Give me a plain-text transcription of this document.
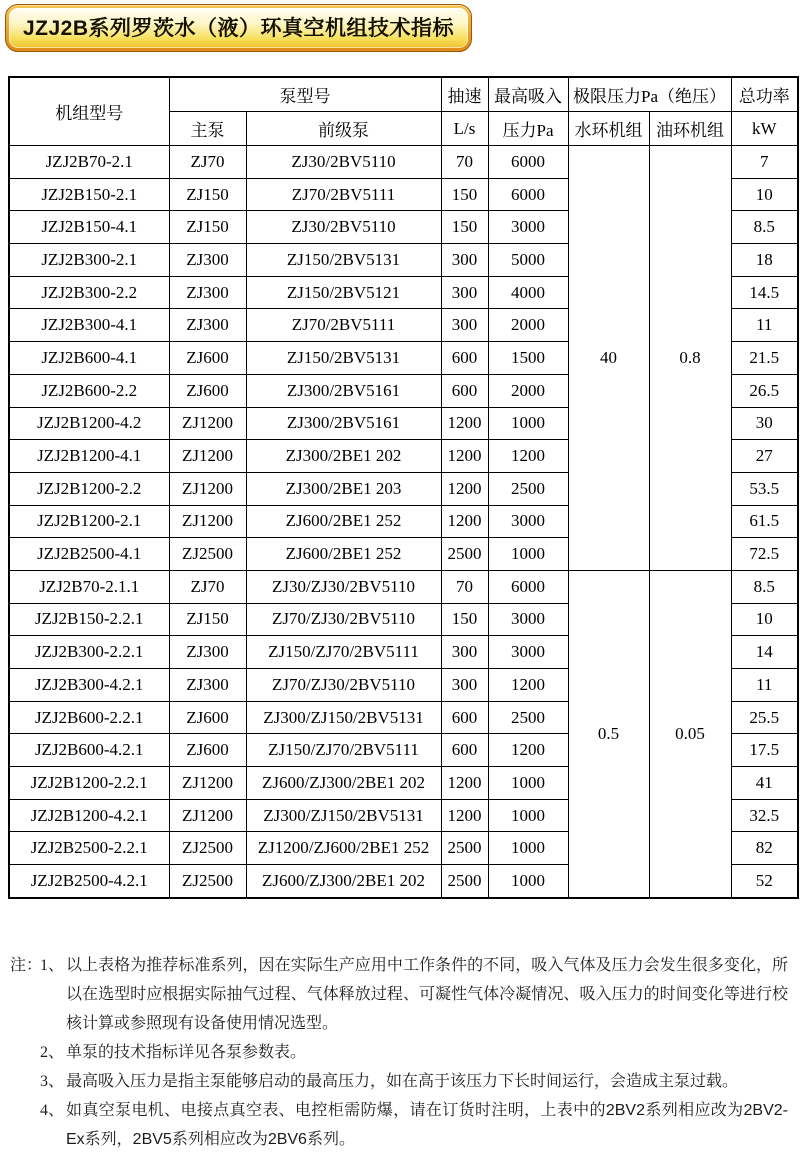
JZJ2B系列罗茨水（液）环真空机组技术指标
机组型号	泵型号		抽速	最高吸入	极限压力Pa（绝压）		总功率
	主泵	前级泵	L/s	压力Pa	水环机组	油环机组	kW
JZJ2B70-2.1	ZJ70	ZJ30/2BV5110	70	6000	40	0.8	7
JZJ2B150-2.1	ZJ150	ZJ70/2BV5111	150	6000			10
JZJ2B150-4.1	ZJ150	ZJ30/2BV5110	150	3000			8.5
JZJ2B300-2.1	ZJ300	ZJ150/2BV5131	300	5000			18
JZJ2B300-2.2	ZJ300	ZJ150/2BV5121	300	4000			14.5
JZJ2B300-4.1	ZJ300	ZJ70/2BV5111	300	2000			11
JZJ2B600-4.1	ZJ600	ZJ150/2BV5131	600	1500			21.5
JZJ2B600-2.2	ZJ600	ZJ300/2BV5161	600	2000			26.5
JZJ2B1200-4.2	ZJ1200	ZJ300/2BV5161	1200	1000			30
JZJ2B1200-4.1	ZJ1200	ZJ300/2BE1 202	1200	1200			27
JZJ2B1200-2.2	ZJ1200	ZJ300/2BE1 203	1200	2500			53.5
JZJ2B1200-2.1	ZJ1200	ZJ600/2BE1 252	1200	3000			61.5
JZJ2B2500-4.1	ZJ2500	ZJ600/2BE1 252	2500	1000			72.5
JZJ2B70-2.1.1	ZJ70	ZJ30/ZJ30/2BV5110	70	6000	0.5	0.05	8.5
JZJ2B150-2.2.1	ZJ150	ZJ70/ZJ30/2BV5110	150	3000			10
JZJ2B300-2.2.1	ZJ300	ZJ150/ZJ70/2BV5111	300	3000			14
JZJ2B300-4.2.1	ZJ300	ZJ70/ZJ30/2BV5110	300	1200			11
JZJ2B600-2.2.1	ZJ600	ZJ300/ZJ150/2BV5131	600	2500			25.5
JZJ2B600-4.2.1	ZJ600	ZJ150/ZJ70/2BV5111	600	1200			17.5
JZJ2B1200-2.2.1	ZJ1200	ZJ600/ZJ300/2BE1 202	1200	1000			41
JZJ2B1200-4.2.1	ZJ1200	ZJ300/ZJ150/2BV5131	1200	1000			32.5
JZJ2B2500-2.2.1	ZJ2500	ZJ1200/ZJ600/2BE1 252	2500	1000			82
JZJ2B2500-4.2.1	ZJ2500	ZJ600/ZJ300/2BE1 202	2500	1000			52
注：
1、 以上表格为推荐标准系列，因在实际生产应用中工作条件的不同，吸入气体及压力会发生很多变化，所以在选型时应根据实际抽气过程、气体释放过程、可凝性气体冷凝情况、吸入压力的时间变化等进行校核计算或参照现有设备使用情况选型。
2、 单泵的技术指标详见各泵参数表。
3、 最高吸入压力是指主泵能够启动的最高压力，如在高于该压力下长时间运行，会造成主泵过载。
4、 如真空泵电机、电接点真空表、电控柜需防爆，请在订货时注明，上表中的2BV2系列相应改为2BV2-Ex系列，2BV5系列相应改为2BV6系列。
